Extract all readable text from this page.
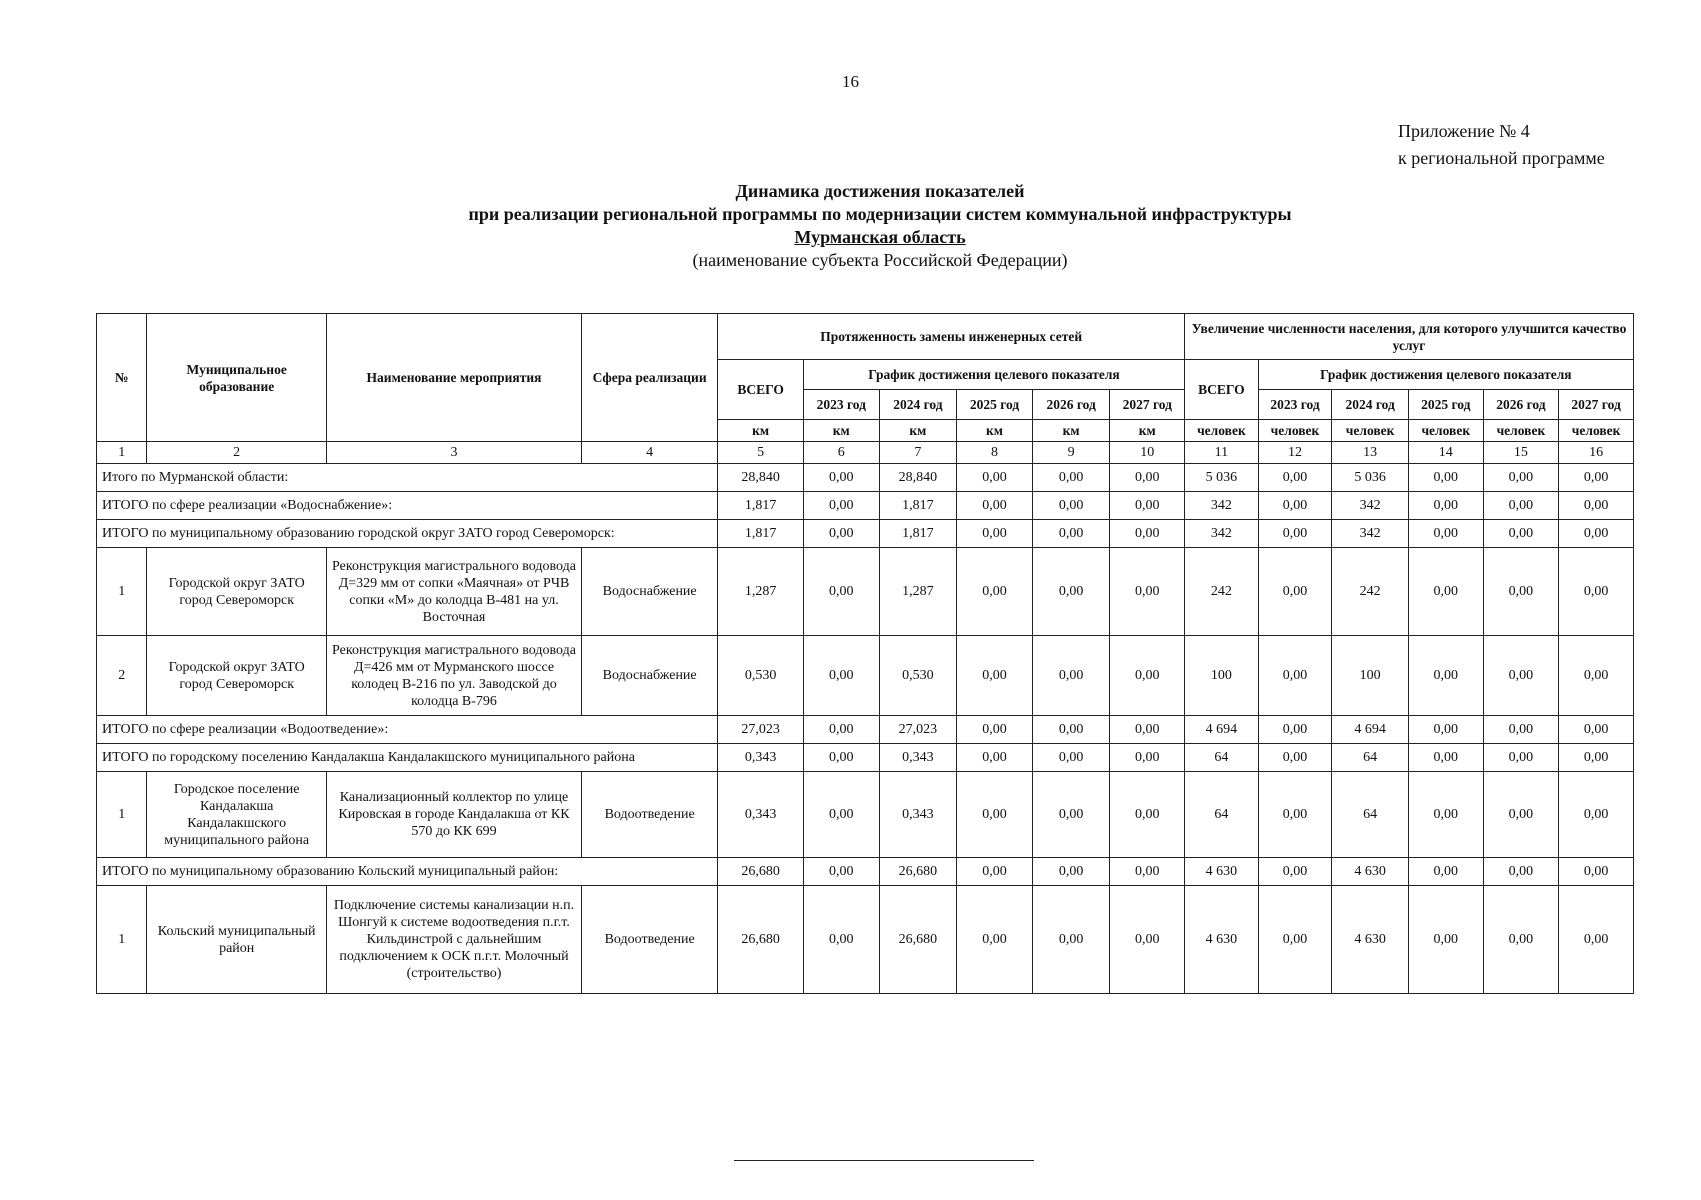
16
Приложение № 4
к региональной программе
Динамика достижения показателей
при реализации региональной программы по модернизации систем коммунальной инфраструктуры
Мурманская область
(наименование субъекта Российской Федерации)
№	Муниципальное образование	Наименование мероприятия	Сфера реализации	Протяженность замены инженерных сетей						Увеличение численности населения, для которого улучшится качество услуг					
				ВСЕГО	График достижения целевого показателя					ВСЕГО	График достижения целевого показателя				
					2023 год	2024 год	2025 год	2026 год	2027 год		2023 год	2024 год	2025 год	2026 год	2027 год
				км	км	км	км	км	км	человек	человек	человек	человек	человек	человек
1	2	3	4	5	6	7	8	9	10	11	12	13	14	15	16
Итого по Мурманской области:				28,840	0,00	28,840	0,00	0,00	0,00	5 036	0,00	5 036	0,00	0,00	0,00
ИТОГО по сфере реализации «Водоснабжение»:				1,817	0,00	1,817	0,00	0,00	0,00	342	0,00	342	0,00	0,00	0,00
ИТОГО по муниципальному образованию городской округ ЗАТО город Североморск:				1,817	0,00	1,817	0,00	0,00	0,00	342	0,00	342	0,00	0,00	0,00
1	Городской округ ЗАТО город Североморск	Реконструкция магистрального водовода Д=329 мм от сопки «Маячная» от РЧВ сопки «М» до колодца В-481 на ул. Восточная	Водоснабжение	1,287	0,00	1,287	0,00	0,00	0,00	242	0,00	242	0,00	0,00	0,00
2	Городской округ ЗАТО город Североморск	Реконструкция магистрального водовода Д=426 мм от Мурманского шоссе колодец В-216 по ул. Заводской до колодца В-796	Водоснабжение	0,530	0,00	0,530	0,00	0,00	0,00	100	0,00	100	0,00	0,00	0,00
ИТОГО по сфере реализации «Водоотведение»:				27,023	0,00	27,023	0,00	0,00	0,00	4 694	0,00	4 694	0,00	0,00	0,00
ИТОГО по городскому поселению Кандалакша Кандалакшского муниципального района				0,343	0,00	0,343	0,00	0,00	0,00	64	0,00	64	0,00	0,00	0,00
1	Городское поселение Кандалакша Кандалакшского муниципального района	Канализационный коллектор по улице Кировская в городе Кандалакша от КК 570 до КК 699	Водоотведение	0,343	0,00	0,343	0,00	0,00	0,00	64	0,00	64	0,00	0,00	0,00
ИТОГО по муниципальному образованию Кольский муниципальный район:				26,680	0,00	26,680	0,00	0,00	0,00	4 630	0,00	4 630	0,00	0,00	0,00
1	Кольский муниципальный район	Подключение системы канализации н.п. Шонгуй к системе водоотведения п.г.т. Кильдинстрой с дальнейшим подключением к ОСК п.г.т. Молочный (строительство)	Водоотведение	26,680	0,00	26,680	0,00	0,00	0,00	4 630	0,00	4 630	0,00	0,00	0,00
